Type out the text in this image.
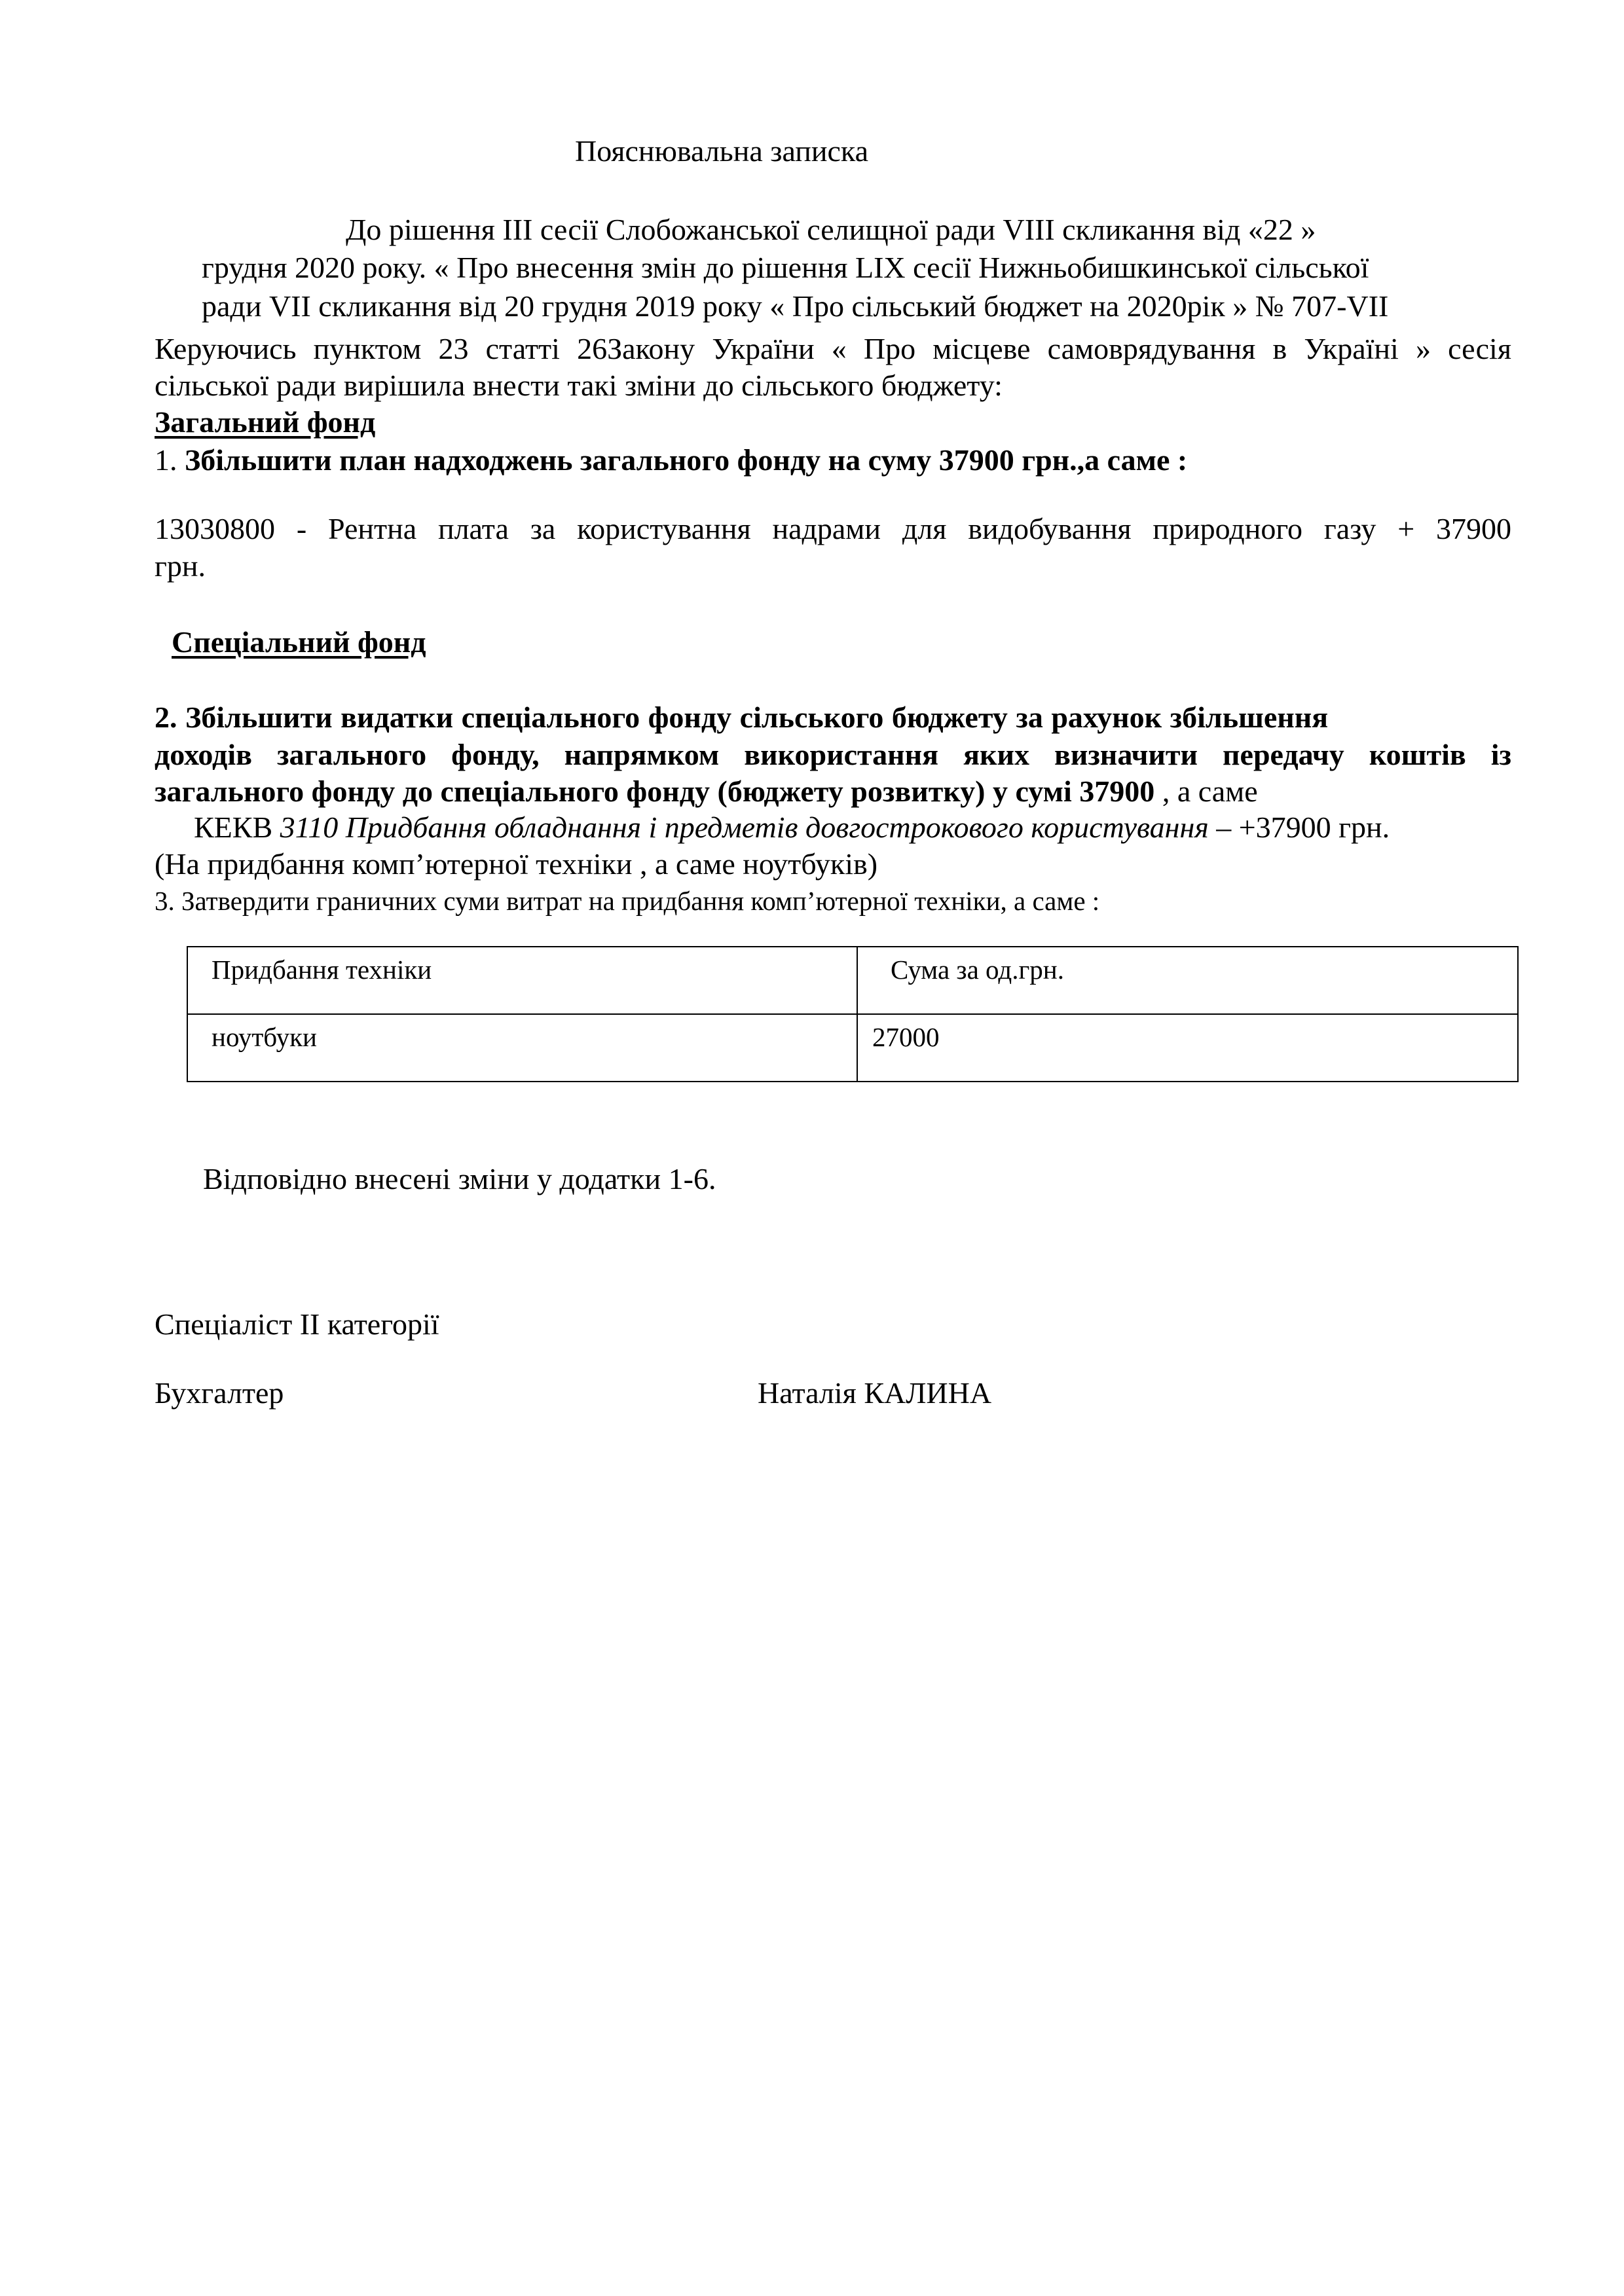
Пояснювальна записка
До рішення ІІІ сесії Слобожанської селищної ради VIІІ скликання від «22 »
грудня 2020 року. « Про внесення змін до рішення LIX сесії Нижньобишкинської сільської
ради VІІ скликання від 20 грудня 2019 року « Про сільський бюджет на 2020рік » № 707-VІІ
Керуючись пунктом 23 статті 26Закону України « Про місцеве самоврядування в Україні » сесія
сільської ради вирішила внести такі зміни до сільського бюджету:
Загальний фонд
1. Збільшити план надходжень загального фонду на суму 37900 грн.,а саме :
13030800 - Рентна плата за користування надрами для видобування природного газу + 37900
грн.
Спеціальний фонд
2. Збільшити видатки спеціального фонду сільського бюджету за рахунок збільшення
доходів загального фонду, напрямком використання яких визначити передачу коштів із
загального фонду до спеціального фонду (бюджету розвитку) у сумі 37900 , а саме
КЕКВ 3110 Придбання обладнання і предметів довгострокового користування – +37900 грн.
(На придбання комп’ютерної техніки , а саме ноутбуків)
3. Затвердити граничних суми витрат на придбання комп’ютерної техніки, а саме :
Придбання техніки	Сума за од.грн.
ноутбуки	27000
Відповідно внесені зміни у додатки 1-6.
Спеціаліст ІІ категорії
Бухгалтер	Наталія КАЛИНА
